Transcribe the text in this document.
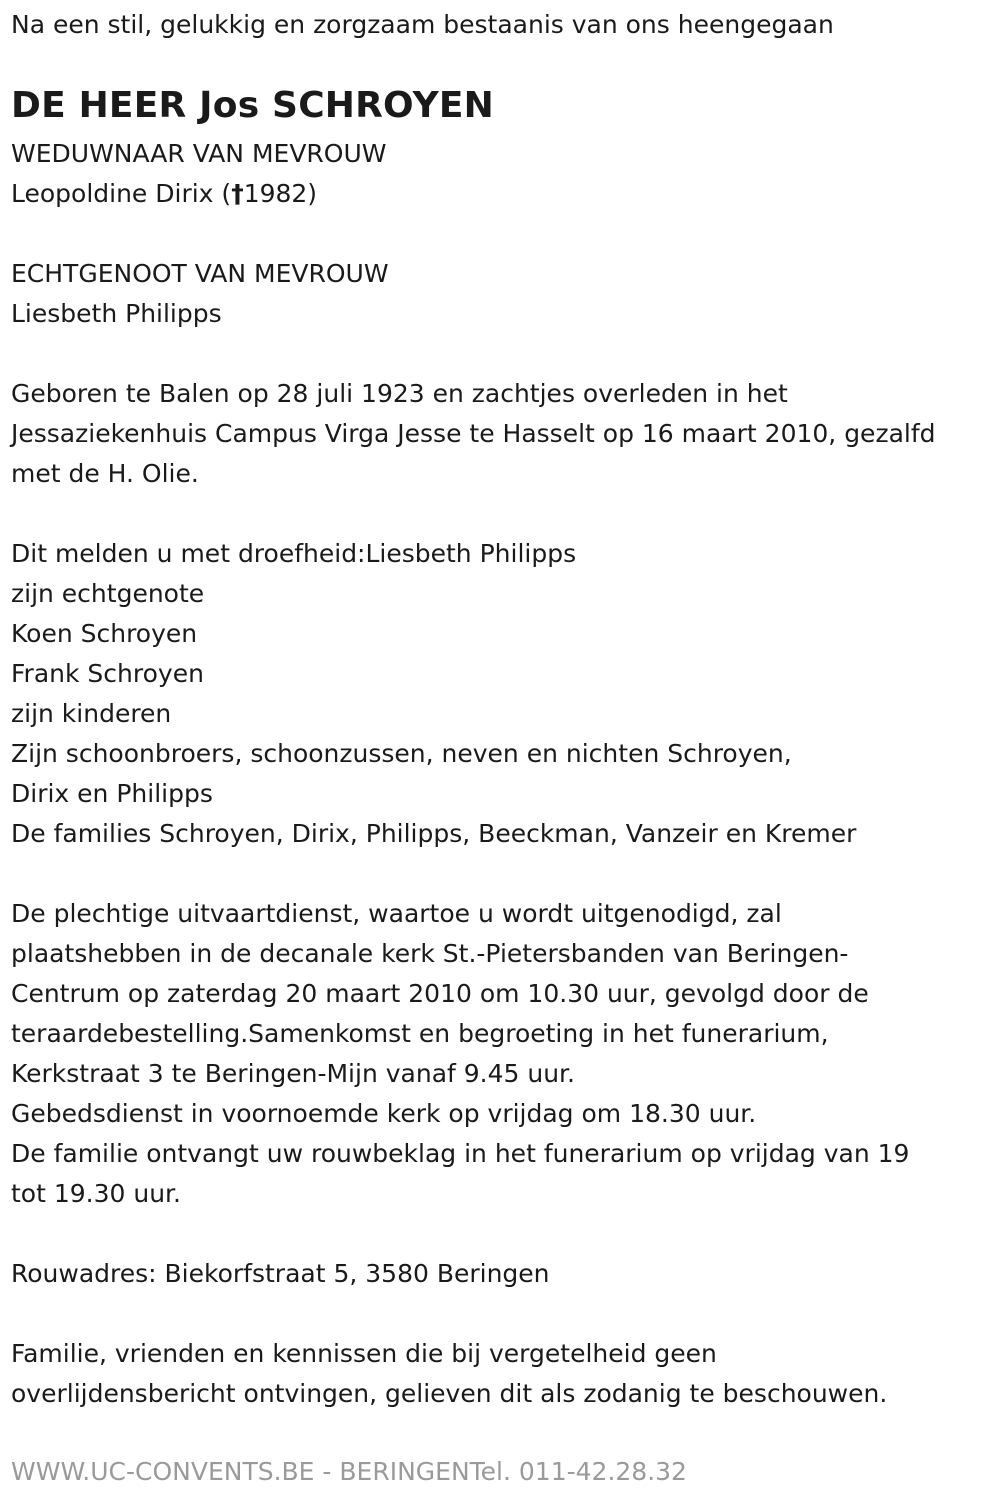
Na een stil, gelukkig en zorgzaam bestaanis van ons heengegaan
DE HEER Jos SCHROYEN
WEDUWNAAR VAN MEVROUW
Leopoldine Dirix (†1982)
ECHTGENOOT VAN MEVROUW
Liesbeth Philipps
Geboren te Balen op 28 juli 1923 en zachtjes overleden in het
Jessaziekenhuis Campus Virga Jesse te Hasselt op 16 maart 2010, gezalfd
met de H. Olie.
Dit melden u met droefheid:Liesbeth Philipps
zijn echtgenote
Koen Schroyen
Frank Schroyen
zijn kinderen
Zijn schoonbroers, schoonzussen, neven en nichten Schroyen,
Dirix en Philipps
De families Schroyen, Dirix, Philipps, Beeckman, Vanzeir en Kremer
De plechtige uitvaartdienst, waartoe u wordt uitgenodigd, zal
plaatshebben in de decanale kerk St.-Pietersbanden van Beringen-
Centrum op zaterdag 20 maart 2010 om 10.30 uur, gevolgd door de
teraardebestelling.Samenkomst en begroeting in het funerarium,
Kerkstraat 3 te Beringen-Mijn vanaf 9.45 uur.
Gebedsdienst in voornoemde kerk op vrijdag om 18.30 uur.
De familie ontvangt uw rouwbeklag in het funerarium op vrijdag van 19
tot 19.30 uur.
Rouwadres: Biekorfstraat 5, 3580 Beringen
Familie, vrienden en kennissen die bij vergetelheid geen
overlijdensbericht ontvingen, gelieven dit als zodanig te beschouwen.
WWW.UC-CONVENTS.BE - BERINGENTel. 011-42.28.32
